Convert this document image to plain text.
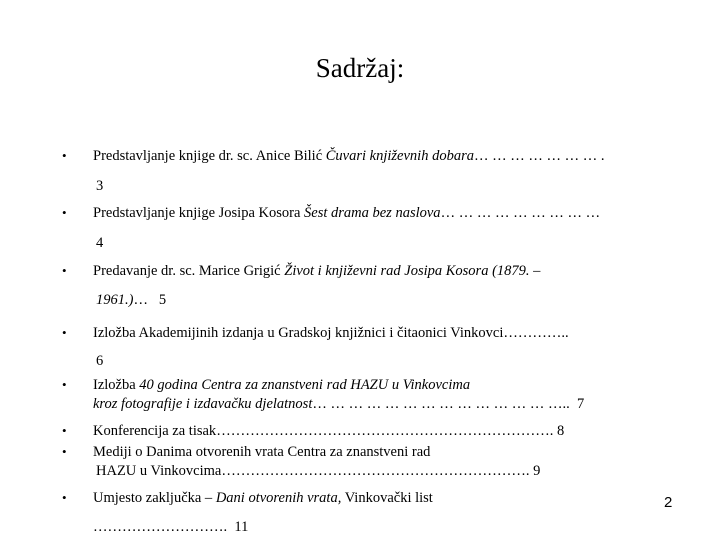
Sadržaj:
• Predstavljanje knjige dr. sc. Anice Bilić Čuvari književnih dobara… … … … … … … .
3
• Predstavljanje knjige Josipa Kosora Šest drama bez naslova… … … … … … … … …
4
• Predavanje dr. sc. Marice Grigić Život i književni rad Josipa Kosora (1879. –
1961.)… 5
• Izložba Akademijinih izdanja u Gradskoj knjižnici i čitaonici Vinkovci…………..
6
• Izložba 40 godina Centra za znanstveni rad HAZU u Vinkovcima
kroz fotografije i izdavačku djelatnost… … … … … … … … … … … … … ….. 7
• Konferencija za tisak……………………………………………………………. 8
• Mediji o Danima otvorenih vrata Centra za znanstveni rad
HAZU u Vinkovcima………………………………………………………. 9
• Umjesto zaključka – Dani otvorenih vrata, Vinkovački list
………………………. 11
2
